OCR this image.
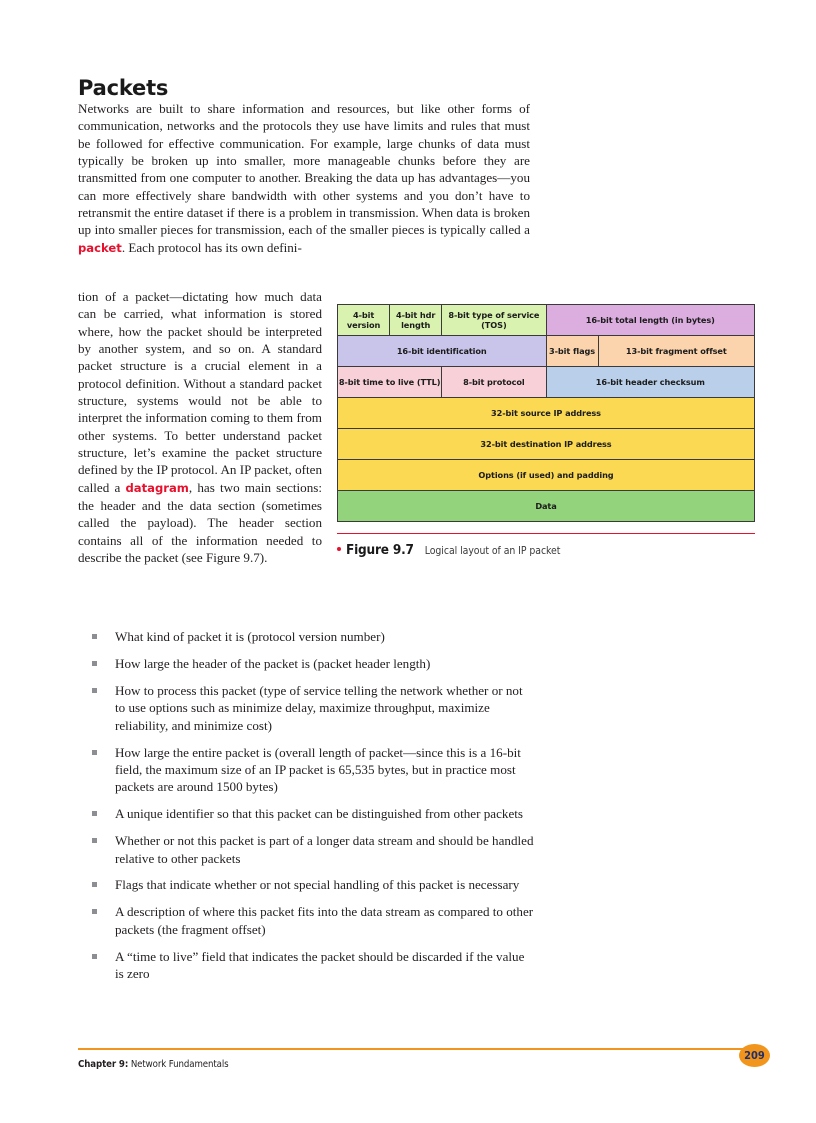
Packets
Networks are built to share information and resources, but like other forms of communication, networks and the protocols they use have limits and rules that must be followed for effective communication. For example, large chunks of data must typically be broken up into smaller, more manageable chunks before they are transmitted from one computer to another. Breaking the data up has advantages—you can more effectively share bandwidth with other systems and you don’t have to retransmit the entire dataset if there is a problem in transmission. When data is broken up into smaller pieces for transmission, each of the smaller pieces is typically called a packet. Each protocol has its own defini-
tion of a packet—dictating how much data can be carried, what information is stored where, how the packet should be interpreted by another system, and so on. A standard packet structure is a crucial element in a protocol definition. Without a standard packet structure, systems would not be able to interpret the information coming to them from other systems. To better understand packet structure, let’s examine the packet structure defined by the IP protocol. An IP packet, often called a datagram, has two main sections: the header and the data section (sometimes called the payload). The header section contains all of the information needed to describe the packet (see Figure 9.7).
4-bit version	4-bit hdr length	8-bit type of service (TOS)	16-bit total length (in bytes)	
16-bit identification			3-bit flags	13-bit fragment offset
8-bit time to live (TTL)		8-bit protocol	16-bit header checksum	
32-bit source IP address				
32-bit destination IP address				
Options (if used) and padding				
Data				
Figure 9.7 Logical layout of an IP packet
What kind of packet it is (protocol version number)
How large the header of the packet is (packet header length)
How to process this packet (type of service telling the network whether or not to use options such as minimize delay, maximize throughput, maximize reliability, and minimize cost)
How large the entire packet is (overall length of packet—since this is a 16-bit field, the maximum size of an IP packet is 65,535 bytes, but in practice most packets are around 1500 bytes)
A unique identifier so that this packet can be distinguished from other packets
Whether or not this packet is part of a longer data stream and should be handled relative to other packets
Flags that indicate whether or not special handling of this packet is necessary
A description of where this packet fits into the data stream as compared to other packets (the fragment offset)
A “time to live” field that indicates the packet should be discarded if the value is zero
Chapter 9: Network Fundamentals
209
